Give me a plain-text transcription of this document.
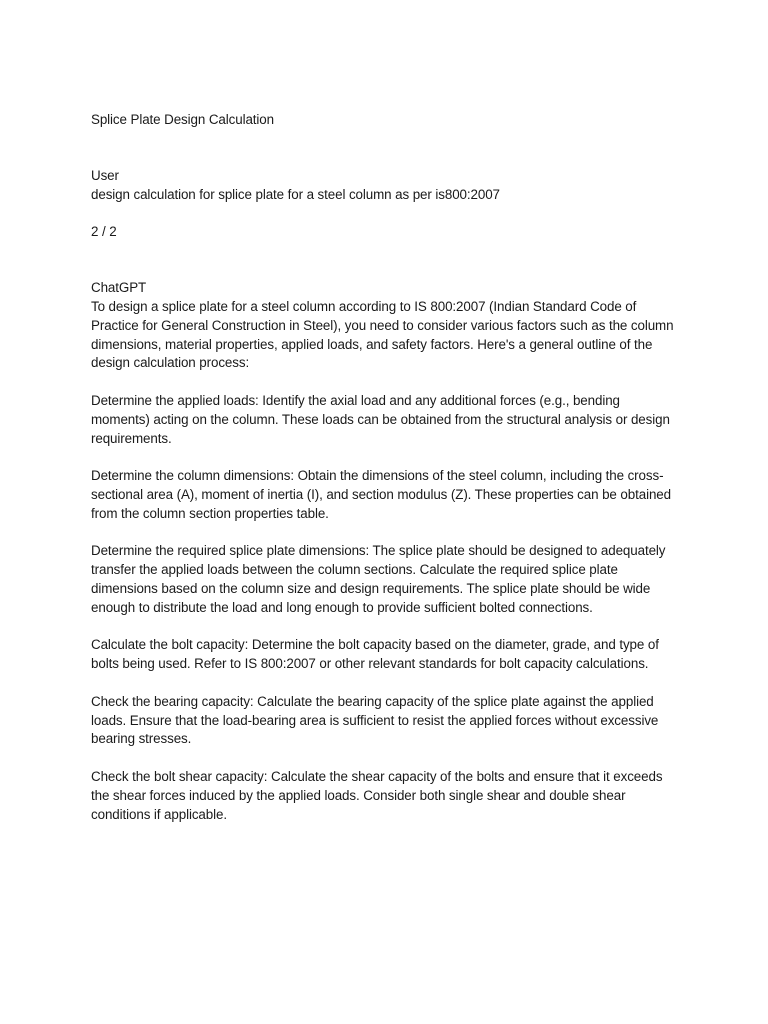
Splice Plate Design Calculation
User
design calculation for splice plate for a steel column as per is800:2007
2 / 2
ChatGPT

To design a splice plate for a steel column according to IS 800:2007 (Indian Standard Code of Practice for General Construction in Steel), you need to consider various factors such as the column dimensions, material properties, applied loads, and safety factors. Here's a general outline of the design calculation process:

Determine the applied loads: Identify the axial load and any additional forces (e.g., bending moments) acting on the column. These loads can be obtained from the structural analysis or design requirements.

Determine the column dimensions: Obtain the dimensions of the steel column, including the cross-sectional area (A), moment of inertia (I), and section modulus (Z). These properties can be obtained from the column section properties table.

Determine the required splice plate dimensions: The splice plate should be designed to adequately transfer the applied loads between the column sections. Calculate the required splice plate dimensions based on the column size and design requirements. The splice plate should be wide enough to distribute the load and long enough to provide sufficient bolted connections.

Calculate the bolt capacity: Determine the bolt capacity based on the diameter, grade, and type of bolts being used. Refer to IS 800:2007 or other relevant standards for bolt capacity calculations.

Check the bearing capacity: Calculate the bearing capacity of the splice plate against the applied loads. Ensure that the load-bearing area is sufficient to resist the applied forces without excessive bearing stresses.

Check the bolt shear capacity: Calculate the shear capacity of the bolts and ensure that it exceeds the shear forces induced by the applied loads. Consider both single shear and double shear conditions if applicable.
